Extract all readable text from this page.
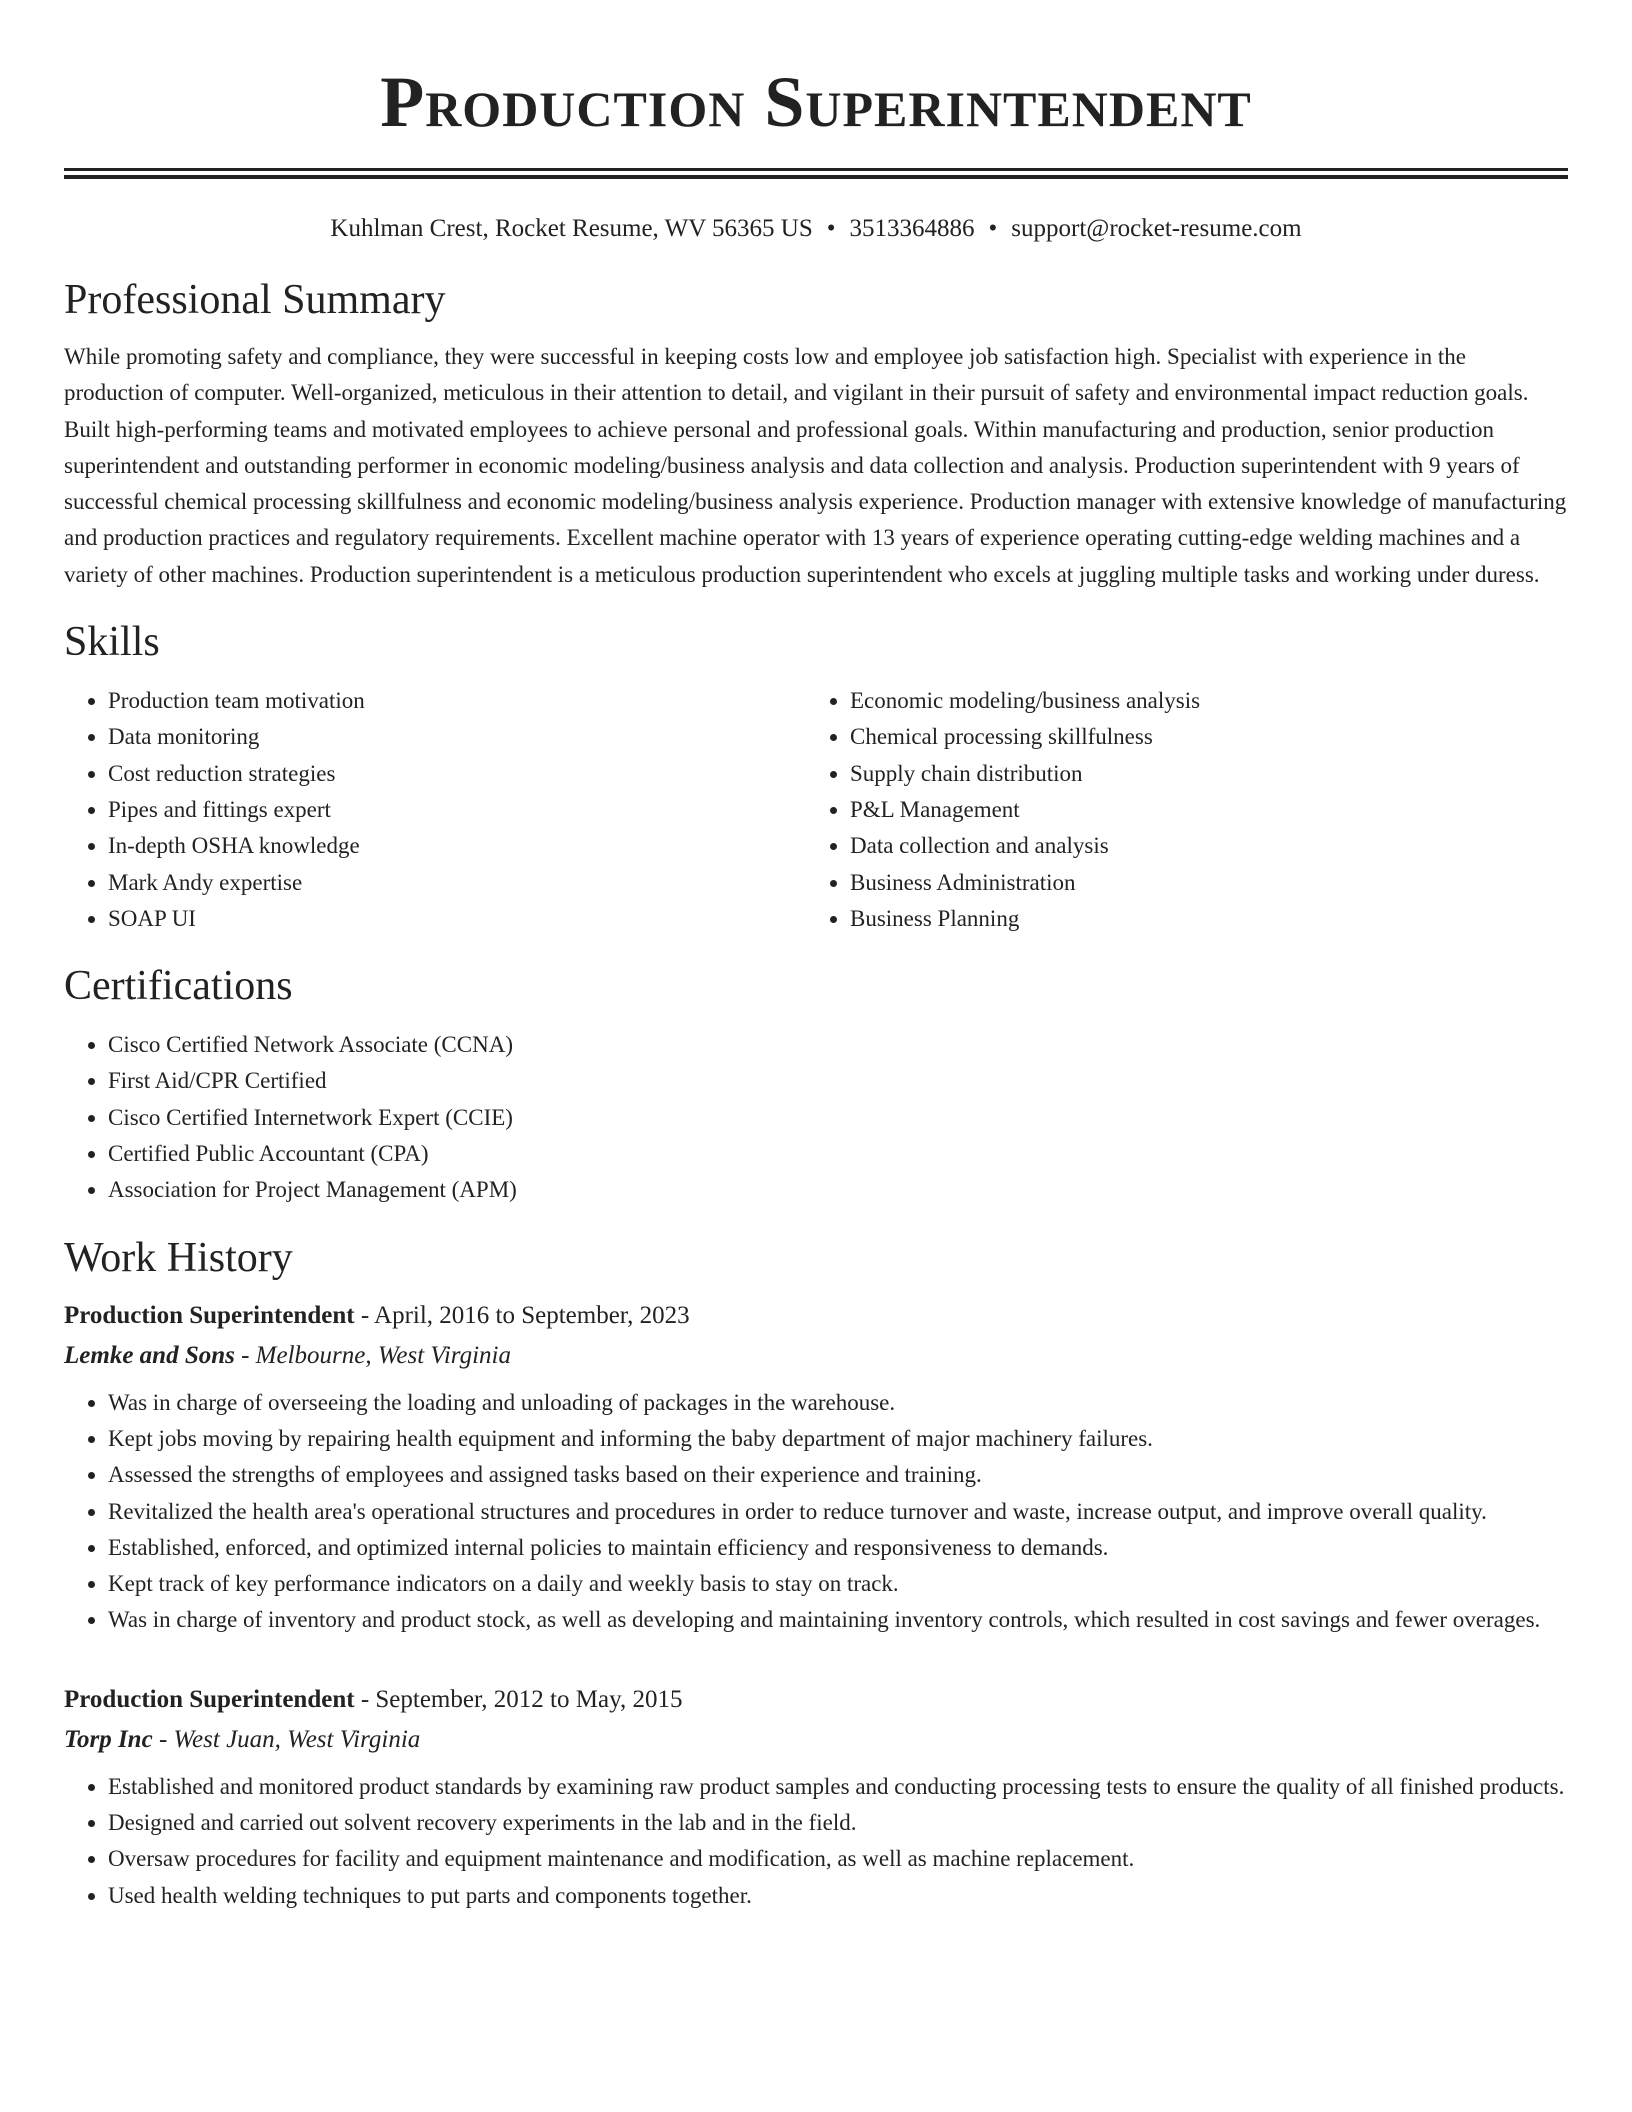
Production Superintendent
Kuhlman Crest, Rocket Resume, WV 56365 US • 3513364886 • support@rocket-resume.com
Professional Summary

While promoting safety and compliance, they were successful in keeping costs low and employee job satisfaction high. Specialist with experience in the production of computer. Well-organized, meticulous in their attention to detail, and vigilant in their pursuit of safety and environmental impact reduction goals. Built high-performing teams and motivated employees to achieve personal and professional goals. Within manufacturing and production, senior production superintendent and outstanding performer in economic modeling/business analysis and data collection and analysis. Production superintendent with 9 years of successful chemical processing skillfulness and economic modeling/business analysis experience. Production manager with extensive knowledge of manufacturing and production practices and regulatory requirements. Excellent machine operator with 13 years of experience operating cutting-edge welding machines and a variety of other machines. Production superintendent is a meticulous production superintendent who excels at juggling multiple tasks and working under duress.

Skills
• Production team motivation
• Data monitoring
• Cost reduction strategies
• Pipes and fittings expert
• In-depth OSHA knowledge
• Mark Andy expertise
• SOAP UI
• Economic modeling/business analysis
• Chemical processing skillfulness
• Supply chain distribution
• P&L Management
• Data collection and analysis
• Business Administration
• Business Planning
Certifications
• Cisco Certified Network Associate (CCNA)
• First Aid/CPR Certified
• Cisco Certified Internetwork Expert (CCIE)
• Certified Public Accountant (CPA)
• Association for Project Management (APM)
Work History
Production Superintendent - April, 2016 to September, 2023
Lemke and Sons - Melbourne, West Virginia
• Was in charge of overseeing the loading and unloading of packages in the warehouse.
• Kept jobs moving by repairing health equipment and informing the baby department of major machinery failures.
• Assessed the strengths of employees and assigned tasks based on their experience and training.
• Revitalized the health area's operational structures and procedures in order to reduce turnover and waste, increase output, and improve overall quality.
• Established, enforced, and optimized internal policies to maintain efficiency and responsiveness to demands.
• Kept track of key performance indicators on a daily and weekly basis to stay on track.
• Was in charge of inventory and product stock, as well as developing and maintaining inventory controls, which resulted in cost savings and fewer overages.
Production Superintendent - September, 2012 to May, 2015
Torp Inc - West Juan, West Virginia
• Established and monitored product standards by examining raw product samples and conducting processing tests to ensure the quality of all finished products.
• Designed and carried out solvent recovery experiments in the lab and in the field.
• Oversaw procedures for facility and equipment maintenance and modification, as well as machine replacement.
• Used health welding techniques to put parts and components together.
